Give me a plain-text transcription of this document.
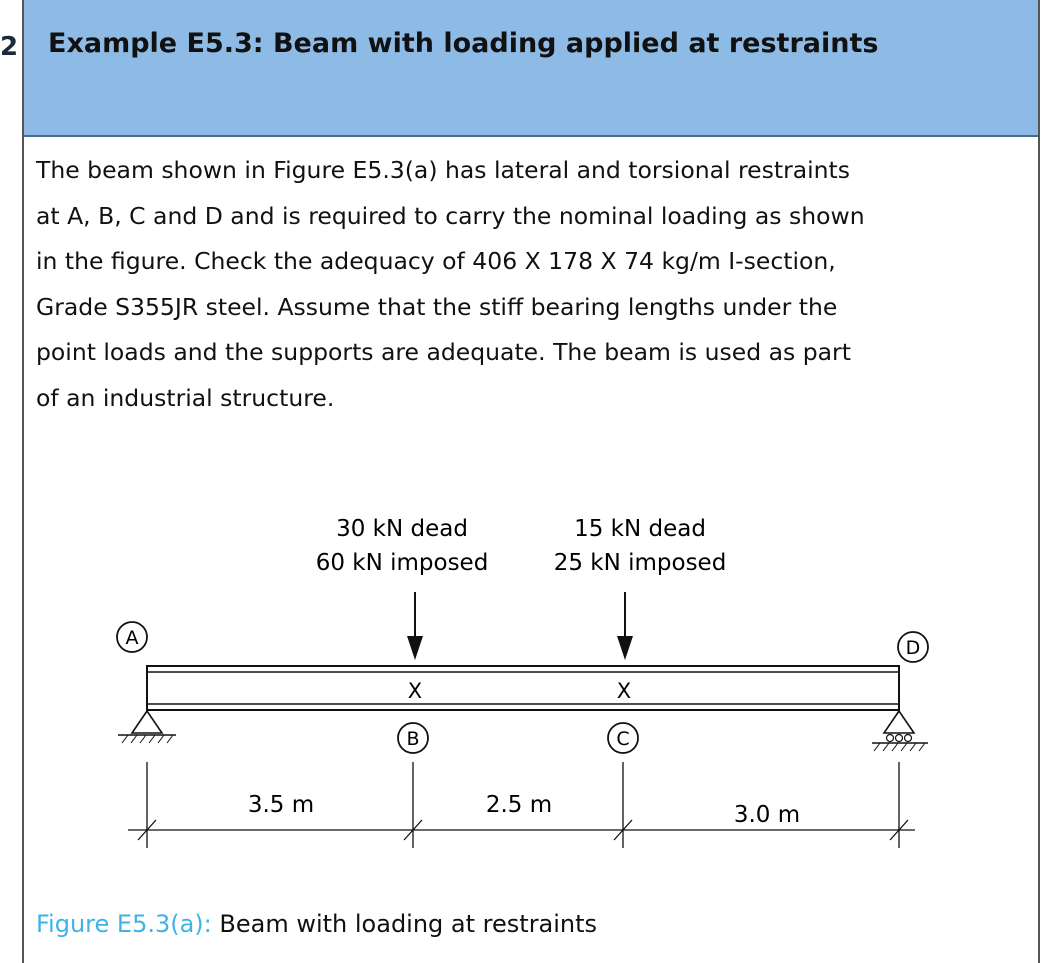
2 Example E5.3: Beam with loading applied at restraints
The beam shown in Figure E5.3(a) has lateral and torsional restraints
at A, B, C and D and is required to carry the nominal loading as shown
in the figure. Check the adequacy of 406 X 178 X 74 kg/m I-section,
Grade S355JR steel. Assume that the stiff bearing lengths under the
point loads and the supports are adequate. The beam is used as part
of an industrial structure.
30 kN dead
60 kN imposed
15 kN dead
25 kN imposed
X	X
A	D
B	C
3.5 m	2.5 m	3.0 m
Figure E5.3(a): Beam with loading at restraints
